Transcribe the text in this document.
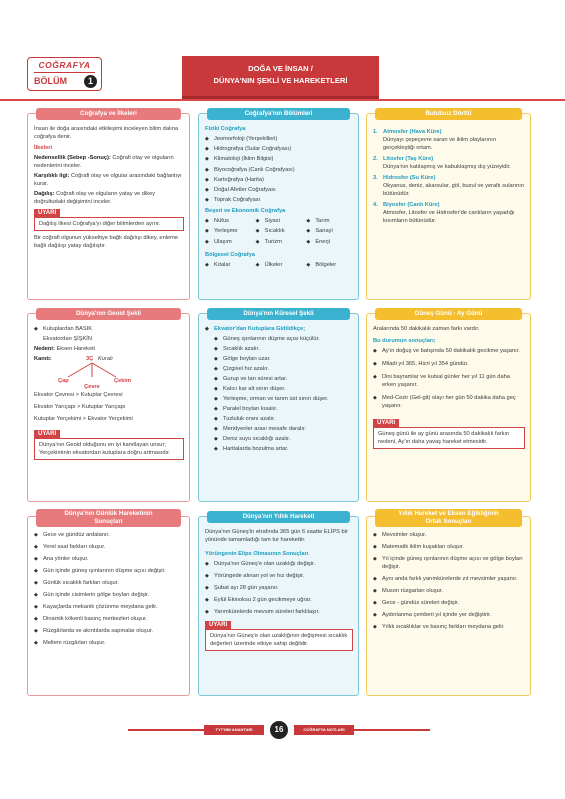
COĞRAFYA
BÖLÜM	1
DOĞA VE İNSAN /
DÜNYA'NIN ŞEKLİ VE HAREKETLERİ
Coğrafya ve İlkeleri

İnsan ile doğa arasındaki etkileşimi inceleyen bilim dalına coğrafya denir.

İlkeleri

Nedensellik (Sebep -Sonuç): Coğrafi olay ve olguların nedenlerini inceler.

Karşılıklı ilgi: Coğrafi olay ve olgular arasındaki bağlantıyı kurar.

Dağılış: Coğrafi olay ve olguların yatay ve dikey doğrultudaki değişimini inceler.

UYARI
Dağılış ilkesi Coğrafya'yı diğer bilimlerden ayırır.

Bir coğrafi olgunun yükseltiye bağlı dağılışı dikey, enleme bağlı dağılışı yatay dağılıştır.

Coğrafya'nın Bölümleri

Fiziki Coğrafya

◆ Jeomorfoloji (Yerşekilleri)
◆ Hidrografya (Sular Coğrafyası)
◆ Klimatoloji (İklim Bilgisi)
◆ Biyocoğrafya (Canlı Coğrafyası)
◆ Kartoğrafya (Harita)
◆ Doğal Afetler Coğrafyası
◆ Toprak Coğrafyası

Beşeri ve Ekonomik Coğrafya

◆ Nüfus	◆ Siyasi	◆ Tarım
◆ Yerleşme	◆ Sıcaklık	◆ Sanayi
◆ Ulaşım	◆ Turizm	◆ Enerji

Bölgesel Coğrafya

◆ Kıtalar	◆ Ülkeler	◆ Bölgeler
Bulutsuz Dörtlü
1. Atmosfer (Hava Küre)
Dünyayı çepeçevre saran ve iklim olaylarının gerçekleştiği ortam.
2. Litosfer (Taş Küre)
Dünya'nın katılaşmış ve kabuklaşmış dış yüzeyidir.
3. Hidrosfer (Su Küre)
Okyanus, deniz, akarsular, göl, buzul ve yeraltı sularının bütünüdür.
4. Biyosfer (Canlı Küre)
Atmosfer, Litosfer ve Hidrosfer'de canlıların yaşadığı kısımların bütünüdür.
Dünya'nın Geoid Şekli
◆ Kutuplardan BASIK
Ekvatordan ŞİŞKİN

Nedeni: Eksen Hareketi

Kanıtı:	3Ç Kuralı
Çap
Çevre
Çekim

Ekvator Çevresi > Kutuplar Çevresi

Ekvator Yarıçapı > Kutuplar Yarıçapı

Kutuplar Yerçekimi > Ekvator Yerçekimi

UYARI
Dünya'nın Geoid olduğunu en iyi kanıtlayan unsur; Yerçekiminin ekvatordan kutuplara doğru artmasıdır.
Dünya'nın Küresel Şekli
◆ Ekvator'dan Kutuplara Gidildikçe;
◆ Güneş ışınlarının düşme açısı küçülür.
◆ Sıcaklık azalır.
◆ Gölge boyları uzar.
◆ Çizgisel hız azalır.
◆ Gurup ve tan süresi artar.
◆ Kalıcı kar alt sınırı düşer.
◆ Yerleşme, orman ve tarım üst sınırı düşer.
◆ Paralel boyları kısalır.
◆ Tuzluluk oranı azalır.
◆ Meridyenler arası mesafe daralır.
◆ Deniz suyu sıcaklığı azalır.
◆ Haritalarda bozulma artar.
Güneş Günü - Ay Günü

Aralarında 50 dakikalık zaman farkı vardır.

Bu durumun sonuçları;

◆ Ay'ın doğuş ve batışında 50 dakikalık gecikme yaşanır.
◆ Miladi yıl 365, Hicri yıl 354 gündür.
◆ Dini bayramlar ve kutsal günler her yıl 11 gün daha erken yaşanır.
◆ Med-Cezir (Gel-git) olayı her gün 50 dakika daha geç yaşanır.
UYARI
Güneş günü ile ay günü arasında 50 dakikalık farkın nedeni, Ay'ın daha yavaş hareket etmesidir.
Dünya'nın Günlük Hareketinin
Sonuçları
◆ Gece ve gündüz ardalanır.
◆ Yerel saat farkları oluşur.
◆ Ana yönler oluşur.
◆ Gün içinde güneş ışınlarının düşme açısı değişir.
◆ Günlük sıcaklık farkları oluşur.
◆ Gün içinde cisimlerin gölge boyları değişir.
◆ Kayaçlarda mekanik çözünme meydana gelir.
◆ Dinamik kökenli basınç merkezleri oluşur.
◆ Rüzgârlarda ve akıntılarda sapmalar oluşur.
◆ Meltem rüzgârları oluşur.
Dünya'nın Yıllık Hareketi

Dünya'nın Güneş'in etrafında 365 gün 6 saatte ELİPS bir yönünde tamamladığı tam tur harekettir.

Yörüngenin Elips Olmasının Sonuçları

◆ Dünya'nın Güneş'e olan uzaklığı değişir.
◆ Yörüngede alınan yol ve hız değişir.
◆ Şubat ayı 28 gün yaşanır.
◆ Eylül Ekinoksu 2 gün gecikmeye uğrar.
◆ Yarımkürelerde mevsim süreleri farklılaşır.
UYARI
Dünya'nın Güneş'e olan uzaklığının değişmesi sıcaklık değerleri üzerinde etkiye sahip değildir.
Yıllık Hareket ve Eksen Eğikliğinin
Ortak Sonuçları
◆ Mevsimler oluşur.
◆ Matematik iklim kuşakları oluşur.
◆ Yıl içinde güneş ışınlarının düşme açısı ve gölge boyları değişir.
◆ Aynı anda farklı yarımkürelerde zıt mevsimler yaşanır.
◆ Muson rüzgarları oluşur.
◆ Gece - gündüz süreleri değişir.
◆ Aydınlanma çemberi yıl içinde yer değiştirir.
◆ Yıllık sıcaklıklar ve basınç farkları meydana gelir.
TYT'NİN ANAHTARI	16	COĞRAFYA NOTLARI
